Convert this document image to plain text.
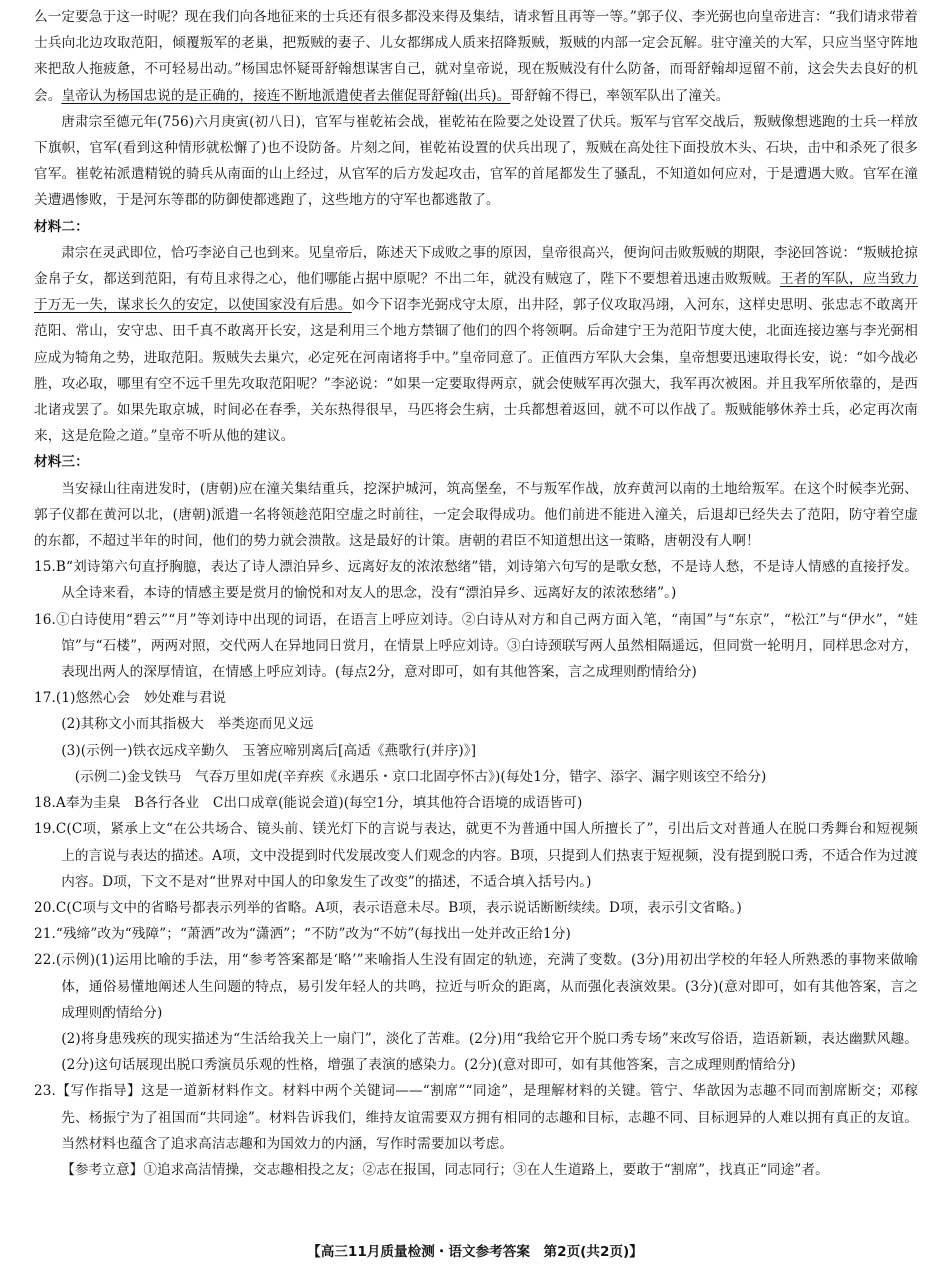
么一定要急于这一时呢？现在我们向各地征来的士兵还有很多都没来得及集结，请求暂且再等一等。”郭子仪、李光弼也向皇帝进言：“我们请求带着士兵向北边攻取范阳，倾覆叛军的老巢，把叛贼的妻子、儿女都绑成人质来招降叛贼，叛贼的内部一定会瓦解。驻守潼关的大军，只应当坚守阵地来把敌人拖疲惫，不可轻易出动。”杨国忠怀疑哥舒翰想谋害自己，就对皇帝说，现在叛贼没有什么防备，而哥舒翰却逗留不前，这会失去良好的机会。皇帝认为杨国忠说的是正确的，接连不断地派遣使者去催促哥舒翰(出兵)。哥舒翰不得已，率领军队出了潼关。

唐肃宗至德元年(756)六月庚寅(初八日)，官军与崔乾祐会战，崔乾祐在险要之处设置了伏兵。叛军与官军交战后，叛贼像想逃跑的士兵一样放下旗帜，官军(看到这种情形就松懈了)也不设防备。片刻之间，崔乾祐设置的伏兵出现了，叛贼在高处往下面投放木头、石块，击中和杀死了很多官军。崔乾祐派遣精锐的骑兵从南面的山上经过，从官军的后方发起攻击，官军的首尾都发生了骚乱，不知道如何应对，于是遭遇大败。官军在潼关遭遇惨败，于是河东等郡的防御使都逃跑了，这些地方的守军也都逃散了。

材料二：

肃宗在灵武即位，恰巧李泌自己也到来。见皇帝后，陈述天下成败之事的原因，皇帝很高兴，便询问击败叛贼的期限，李泌回答说：“叛贼抢掠金帛子女，都送到范阳，有苟且求得之心，他们哪能占据中原呢？不出二年，就没有贼寇了，陛下不要想着迅速击败叛贼。王者的军队，应当致力于万无一失，谋求长久的安定，以使国家没有后患。如今下诏李光弼戍守太原，出井陉，郭子仪攻取冯翊，入河东，这样史思明、张忠志不敢离开范阳、常山，安守忠、田千真不敢离开长安，这是利用三个地方禁锢了他们的四个将领啊。后命建宁王为范阳节度大使，北面连接边塞与李光弼相应成为犄角之势，进取范阳。叛贼失去巢穴，必定死在河南诸将手中。”皇帝同意了。正值西方军队大会集，皇帝想要迅速取得长安，说：“如今战必胜，攻必取，哪里有空不远千里先攻取范阳呢？”李泌说：“如果一定要取得两京，就会使贼军再次强大，我军再次被困。并且我军所依靠的，是西北诸戎罢了。如果先取京城，时间必在春季，关东热得很早，马匹将会生病，士兵都想着返回，就不可以作战了。叛贼能够休养士兵，必定再次南来，这是危险之道。”皇帝不听从他的建议。

材料三：

当安禄山往南进发时，(唐朝)应在潼关集结重兵，挖深护城河，筑高堡垒，不与叛军作战，放弃黄河以南的土地给叛军。在这个时候李光弼、郭子仪都在黄河以北，(唐朝)派遣一名将领趁范阳空虚之时前往，一定会取得成功。他们前进不能进入潼关，后退却已经失去了范阳，防守着空虚的东都，不超过半年的时间，他们的势力就会溃散。这是最好的计策。唐朝的君臣不知道想出这一策略，唐朝没有人啊！

15.B“刘诗第六句直抒胸臆，表达了诗人漂泊异乡、远离好友的浓浓愁绪”错，刘诗第六句写的是歌女愁，不是诗人愁，不是诗人情感的直接抒发。从全诗来看，本诗的情感主要是赏月的愉悦和对友人的思念，没有“漂泊异乡、远离好友的浓浓愁绪”。)

16.①白诗使用“碧云”“月”等刘诗中出现的词语，在语言上呼应刘诗。②白诗从对方和自己两方面入笔，“南国”与“东京”，“松江”与“伊水”，“娃馆”与“石楼”，两两对照，交代两人在异地同日赏月，在情景上呼应刘诗。③白诗颈联写两人虽然相隔遥远，但同赏一轮明月，同样思念对方，表现出两人的深厚情谊，在情感上呼应刘诗。(每点2分，意对即可，如有其他答案，言之成理则酌情给分)

17.(1)悠然心会　妙处难与君说

(2)其称文小而其指极大　举类迩而见义远

(3)(示例一)铁衣远戍辛勤久　玉箸应啼别离后[高适《燕歌行(并序)》]

(示例二)金戈铁马　气吞万里如虎(辛弃疾《永遇乐・京口北固亭怀古》)(每处1分，错字、添字、漏字则该空不给分)

18.A奉为圭臬　B各行各业　C出口成章(能说会道)(每空1分，填其他符合语境的成语皆可)

19.C(C项，紧承上文“在公共场合、镜头前、镁光灯下的言说与表达，就更不为普通中国人所擅长了”，引出后文对普通人在脱口秀舞台和短视频上的言说与表达的描述。A项，文中没提到时代发展改变人们观念的内容。B项，只提到人们热衷于短视频，没有提到脱口秀，不适合作为过渡内容。D项，下文不是对“世界对中国人的印象发生了改变”的描述，不适合填入括号内。)

20.C(C项与文中的省略号都表示列举的省略。A项，表示语意未尽。B项，表示说话断断续续。D项，表示引文省略。)

21.“残缔”改为“残障”；“萧洒”改为“潇洒”；“不防”改为“不妨”(每找出一处并改正给1分)

22.(示例)(1)运用比喻的手法，用“参考答案都是‘略’”来喻指人生没有固定的轨迹，充满了变数。(3分)用初出学校的年轻人所熟悉的事物来做喻体，通俗易懂地阐述人生问题的特点，易引发年轻人的共鸣，拉近与听众的距离，从而强化表演效果。(3分)(意对即可，如有其他答案，言之成理则酌情给分)

(2)将身患残疾的现实描述为“生活给我关上一扇门”，淡化了苦难。(2分)用“我给它开个脱口秀专场”来改写俗语，造语新颖，表达幽默风趣。(2分)这句话展现出脱口秀演员乐观的性格，增强了表演的感染力。(2分)(意对即可，如有其他答案，言之成理则酌情给分)

23.【写作指导】这是一道新材料作文。材料中两个关键词——“割席”“同途”，是理解材料的关键。管宁、华歆因为志趣不同而割席断交；邓稼先、杨振宁为了祖国而“共同途”。材料告诉我们，维持友谊需要双方拥有相同的志趣和目标，志趣不同、目标迥异的人难以拥有真正的友谊。当然材料也蕴含了追求高洁志趣和为国效力的内涵，写作时需要加以考虑。

【参考立意】①追求高洁情操，交志趣相投之友；②志在报国，同志同行；③在人生道路上，要敢于“割席”，找真正“同途”者。

【高三11月质量检测・语文参考答案　第2页(共2页)】
